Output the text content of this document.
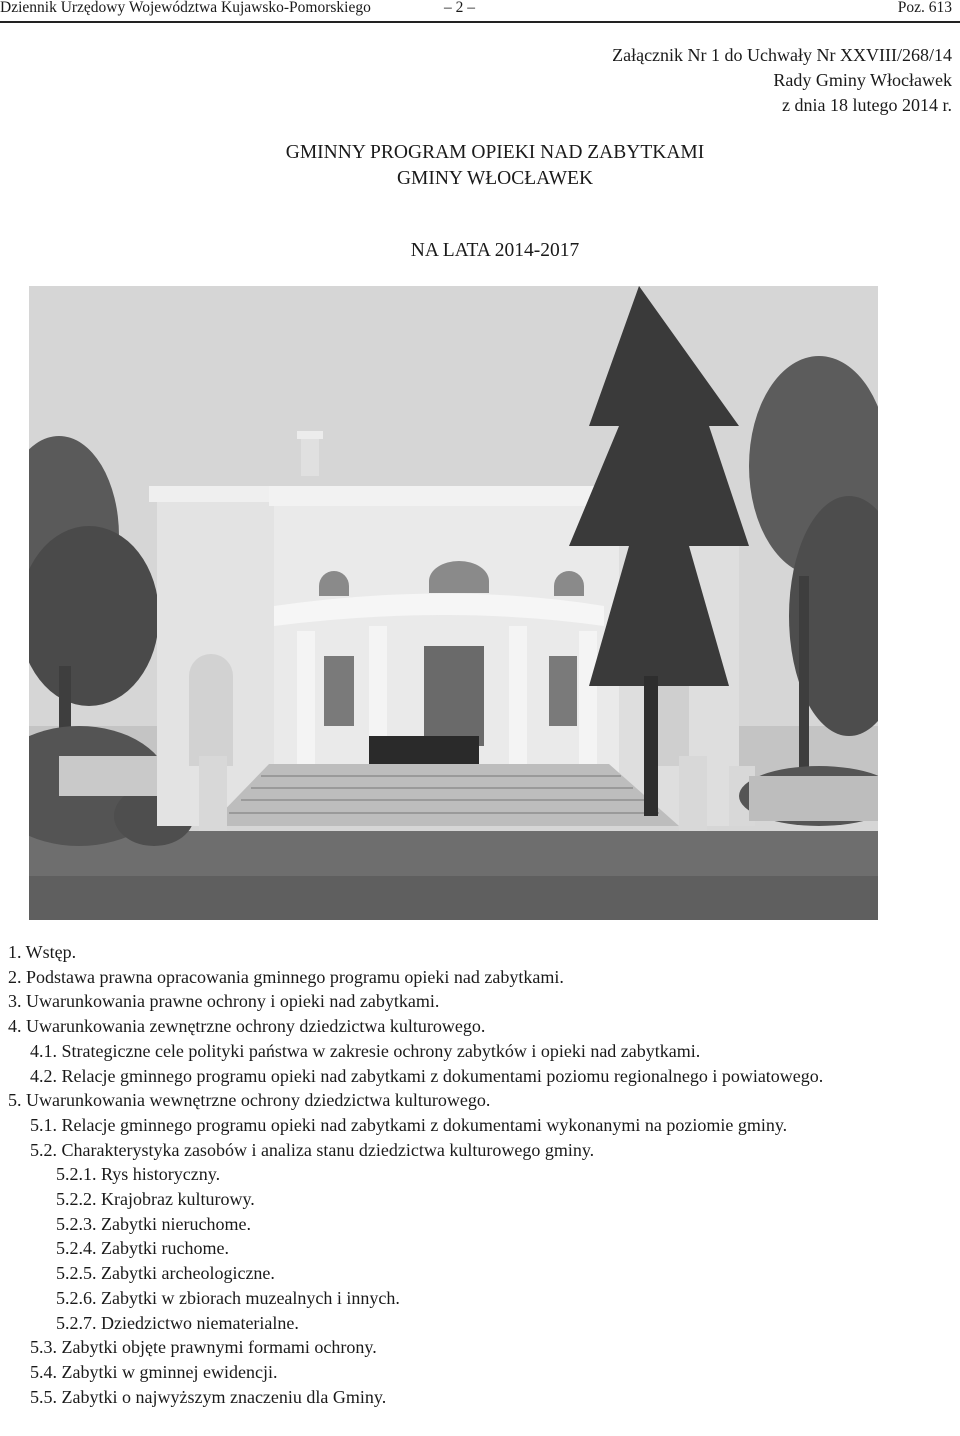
Dziennik Urzędowy Województwa Kujawsko-Pomorskiego	– 2 –	Poz. 613
Załącznik Nr 1 do Uchwały Nr XXVIII/268/14
Rady Gminy Włocławek
z dnia 18 lutego 2014 r.
GMINNY PROGRAM OPIEKI NAD ZABYTKAMI
GMINY WŁOCŁAWEK
NA LATA 2014-2017
1. Wstęp.
2. Podstawa prawna opracowania gminnego programu opieki nad zabytkami.
3. Uwarunkowania prawne ochrony i opieki nad zabytkami.
4. Uwarunkowania zewnętrzne ochrony dziedzictwa kulturowego.
4.1. Strategiczne cele polityki państwa w zakresie ochrony zabytków i opieki nad zabytkami.
4.2. Relacje gminnego programu opieki nad zabytkami z dokumentami poziomu regionalnego i powiatowego.
5. Uwarunkowania wewnętrzne ochrony dziedzictwa kulturowego.
5.1. Relacje gminnego programu opieki nad zabytkami z dokumentami wykonanymi na poziomie gminy.
5.2. Charakterystyka zasobów i analiza stanu dziedzictwa kulturowego gminy.
5.2.1. Rys historyczny.
5.2.2. Krajobraz kulturowy.
5.2.3. Zabytki nieruchome.
5.2.4. Zabytki ruchome.
5.2.5. Zabytki archeologiczne.
5.2.6. Zabytki w zbiorach muzealnych i innych.
5.2.7. Dziedzictwo niematerialne.
5.3. Zabytki objęte prawnymi formami ochrony.
5.4. Zabytki w gminnej ewidencji.
5.5. Zabytki o najwyższym znaczeniu dla Gminy.
